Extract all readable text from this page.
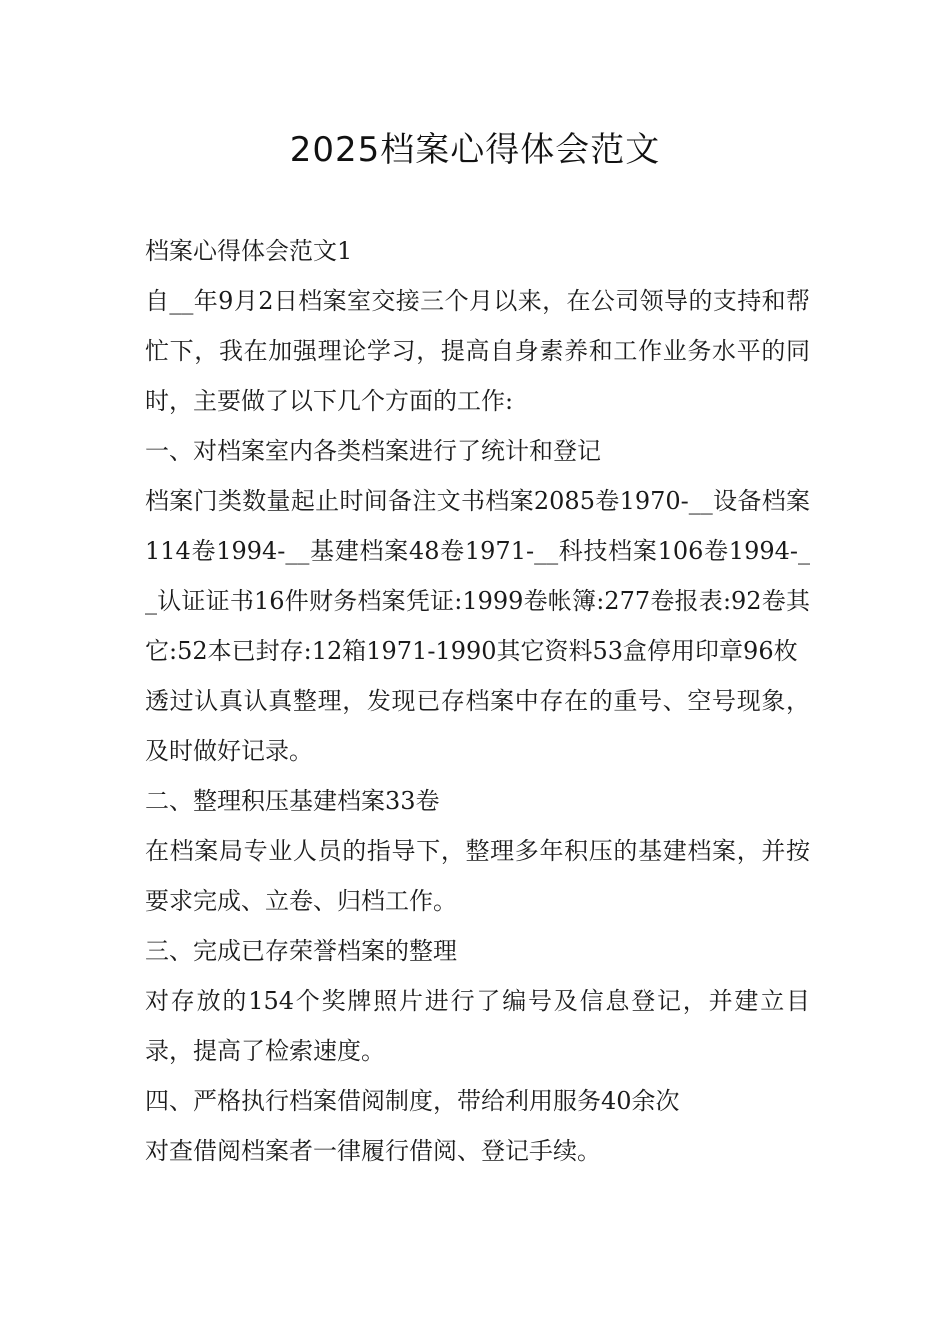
2025档案心得体会范文

档案心得体会范文1

自__年9月2日档案室交接三个月以来，在公司领导的支持和帮忙下，我在加强理论学习，提高自身素养和工作业务水平的同时，主要做了以下几个方面的工作:

一、对档案室内各类档案进行了统计和登记

档案门类数量起止时间备注文书档案2085卷1970-__设备档案114卷1994-__基建档案48卷1971-__科技档案106卷1994-__认证证书16件财务档案凭证:1999卷帐簿:277卷报表:92卷其它:52本已封存:12箱1971-1990其它资料53盒停用印章96枚

透过认真认真整理，发现已存档案中存在的重号、空号现象，及时做好记录。

二、整理积压基建档案33卷

在档案局专业人员的指导下，整理多年积压的基建档案，并按要求完成、立卷、归档工作。

三、完成已存荣誉档案的整理

对存放的154个奖牌照片进行了编号及信息登记，并建立目录，提高了检索速度。

四、严格执行档案借阅制度，带给利用服务40余次

对查借阅档案者一律履行借阅、登记手续。
